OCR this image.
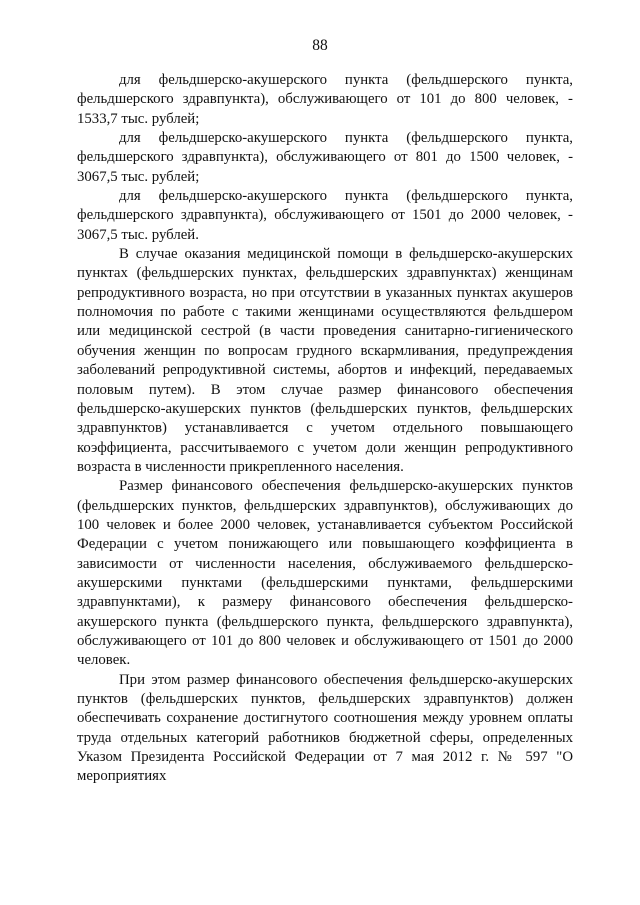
88

для фельдшерско-акушерского пункта (фельдшерского пункта, фельдшерского здравпункта), обслуживающего от 101 до 800 человек, - 1533,7 тыс. рублей;

для фельдшерско-акушерского пункта (фельдшерского пункта, фельдшерского здравпункта), обслуживающего от 801 до 1500 человек, - 3067,5 тыс. рублей;

для фельдшерско-акушерского пункта (фельдшерского пункта, фельдшерского здравпункта), обслуживающего от 1501 до 2000 человек, - 3067,5 тыс. рублей.

В случае оказания медицинской помощи в фельдшерско-акушерских пунктах (фельдшерских пунктах, фельдшерских здравпунктах) женщинам репродуктивного возраста, но при отсутствии в указанных пунктах акушеров полномочия по работе с такими женщинами осуществляются фельдшером или медицинской сестрой (в части проведения санитарно-гигиенического обучения женщин по вопросам грудного вскармливания, предупреждения заболеваний репродуктивной системы, абортов и инфекций, передаваемых половым путем). В этом случае размер финансового обеспечения фельдшерско-акушерских пунктов (фельдшерских пунктов, фельдшерских здравпунктов) устанавливается с учетом отдельного повышающего коэффициента, рассчитываемого с учетом доли женщин репродуктивного возраста в численности прикрепленного населения.

Размер финансового обеспечения фельдшерско-акушерских пунктов (фельдшерских пунктов, фельдшерских здравпунктов), обслуживающих до 100 человек и более 2000 человек, устанавливается субъектом Российской Федерации с учетом понижающего или повышающего коэффициента в зависимости от численности населения, обслуживаемого фельдшерско-акушерскими пунктами (фельдшерскими пунктами, фельдшерскими здравпунктами), к размеру финансового обеспечения фельдшерско-акушерского пункта (фельдшерского пункта, фельдшерского здравпункта), обслуживающего от 101 до 800 человек и обслуживающего от 1501 до 2000 человек.

При этом размер финансового обеспечения фельдшерско-акушерских пунктов (фельдшерских пунктов, фельдшерских здравпунктов) должен обеспечивать сохранение достигнутого соотношения между уровнем оплаты труда отдельных категорий работников бюджетной сферы, определенных Указом Президента Российской Федерации от 7 мая 2012 г. № 597 "О мероприятиях
